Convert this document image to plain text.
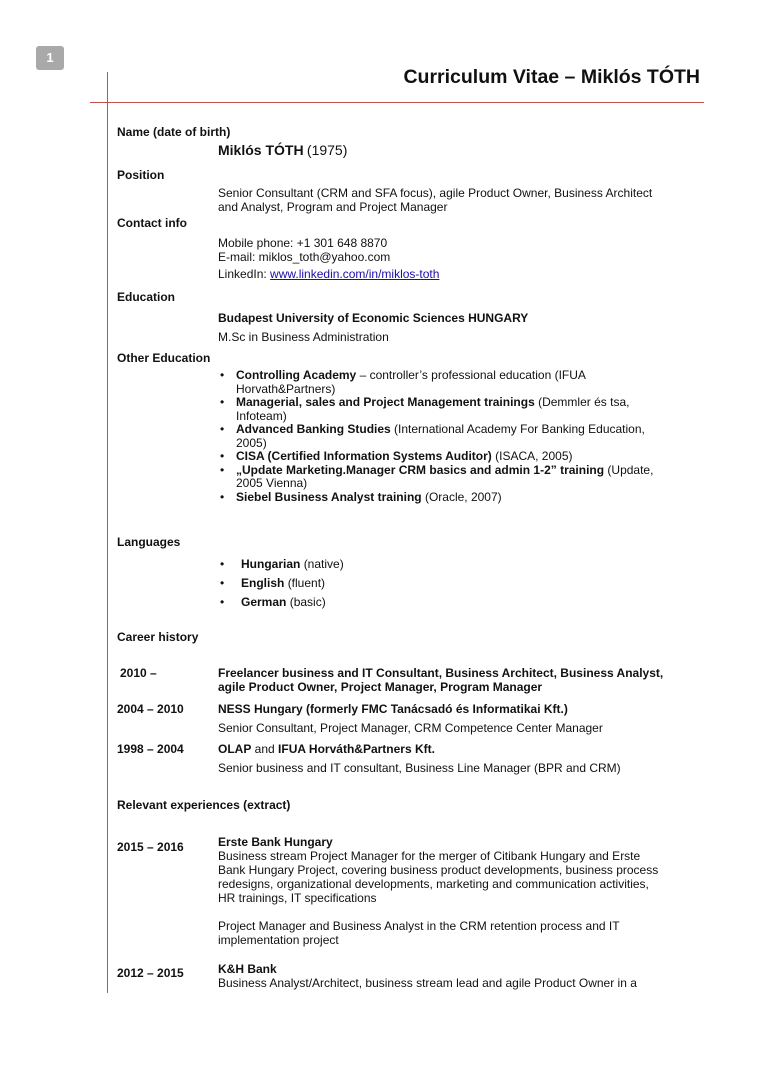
1
Curriculum Vitae – Miklós TÓTH
Name (date of birth)
Miklós TÓTH (1975)
Position
Senior Consultant (CRM and SFA focus), agile Product Owner, Business Architect
and Analyst, Program and Project Manager
Contact info
Mobile phone: +1 301 648 8870
E-mail: miklos_toth@yahoo.com
LinkedIn: www.linkedin.com/in/miklos-toth
Education
Budapest University of Economic Sciences HUNGARY
M.Sc in Business Administration
Other Education
• Controlling Academy – controller’s professional education (IFUA
Horvath&Partners)
• Managerial, sales and Project Management trainings (Demmler és tsa,
Infoteam)
• Advanced Banking Studies (International Academy For Banking Education,
2005)
• CISA (Certified Information Systems Auditor) (ISACA, 2005)
• „Update Marketing.Manager CRM basics and admin 1-2” training (Update,
2005 Vienna)
• Siebel Business Analyst training (Oracle, 2007)
Languages
• Hungarian (native)
• English (fluent)
• German (basic)
Career history
2010 –	Freelancer business and IT Consultant, Business Architect, Business Analyst,
agile Product Owner, Project Manager, Program Manager
2004 – 2010	NESS Hungary (formerly FMC Tanácsadó és Informatikai Kft.)
Senior Consultant, Project Manager, CRM Competence Center Manager
1998 – 2004	OLAP and IFUA Horváth&Partners Kft.
Senior business and IT consultant, Business Line Manager (BPR and CRM)
Relevant experiences (extract)
2015 – 2016	Erste Bank Hungary
Business stream Project Manager for the merger of Citibank Hungary and Erste
Bank Hungary Project, covering business product developments, business process
redesigns, organizational developments, marketing and communication activities,
HR trainings, IT specifications
Project Manager and Business Analyst in the CRM retention process and IT
implementation project
2012 – 2015	K&H Bank
Business Analyst/Architect, business stream lead and agile Product Owner in a
